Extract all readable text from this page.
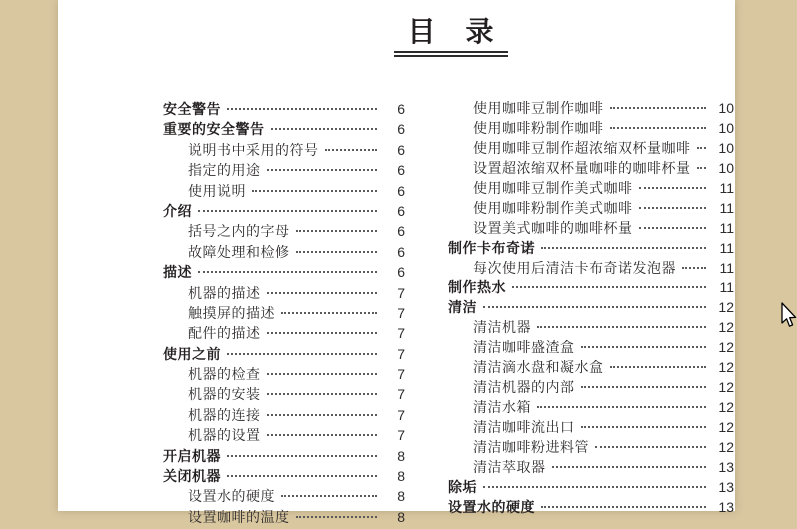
目　录
安全警告	6
重要的安全警告	6
说明书中采用的符号	6
指定的用途	6
使用说明	6
介绍	6
括号之内的字母	6
故障处理和检修	6
描述	6
机器的描述	7
触摸屏的描述	7
配件的描述	7
使用之前	7
机器的检查	7
机器的安装	7
机器的连接	7
机器的设置	7
开启机器	8
关闭机器	8
设置水的硬度	8
设置咖啡的温度	8
使用咖啡豆制作咖啡	10
使用咖啡粉制作咖啡	10
使用咖啡豆制作超浓缩双杯量咖啡	10
设置超浓缩双杯量咖啡的咖啡杯量	10
使用咖啡豆制作美式咖啡	11
使用咖啡粉制作美式咖啡	11
设置美式咖啡的咖啡杯量	11
制作卡布奇诺	11
每次使用后清洁卡布奇诺发泡器	11
制作热水	11
清洁	12
清洁机器	12
清洁咖啡盛渣盒	12
清洁滴水盘和凝水盒	12
清洁机器的内部	12
清洁水箱	12
清洁咖啡流出口	12
清洁咖啡粉进料管	12
清洁萃取器	13
除垢	13
设置水的硬度	13
